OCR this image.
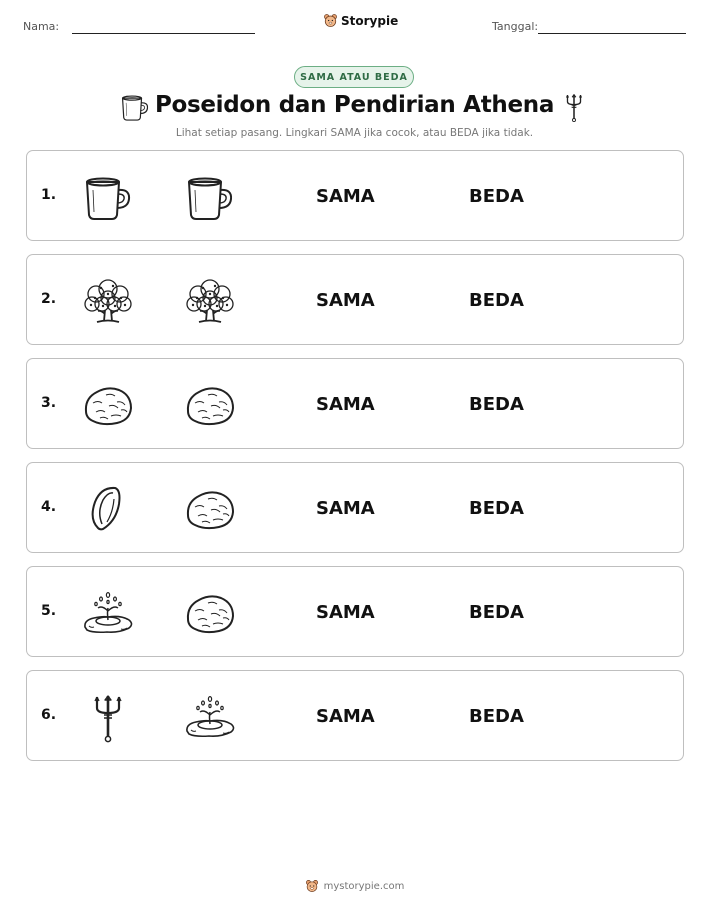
Nama:	Storypie	Tanggal:
SAMA ATAU BEDA
Poseidon dan Pendirian Athena
Lihat setiap pasang. Lingkari SAMA jika cocok, atau BEDA jika tidak.
1.	SAMA	BEDA
2.	SAMA	BEDA
3.	SAMA	BEDA
4.	SAMA	BEDA
5.	SAMA	BEDA
6.	SAMA	BEDA
mystorypie.com
